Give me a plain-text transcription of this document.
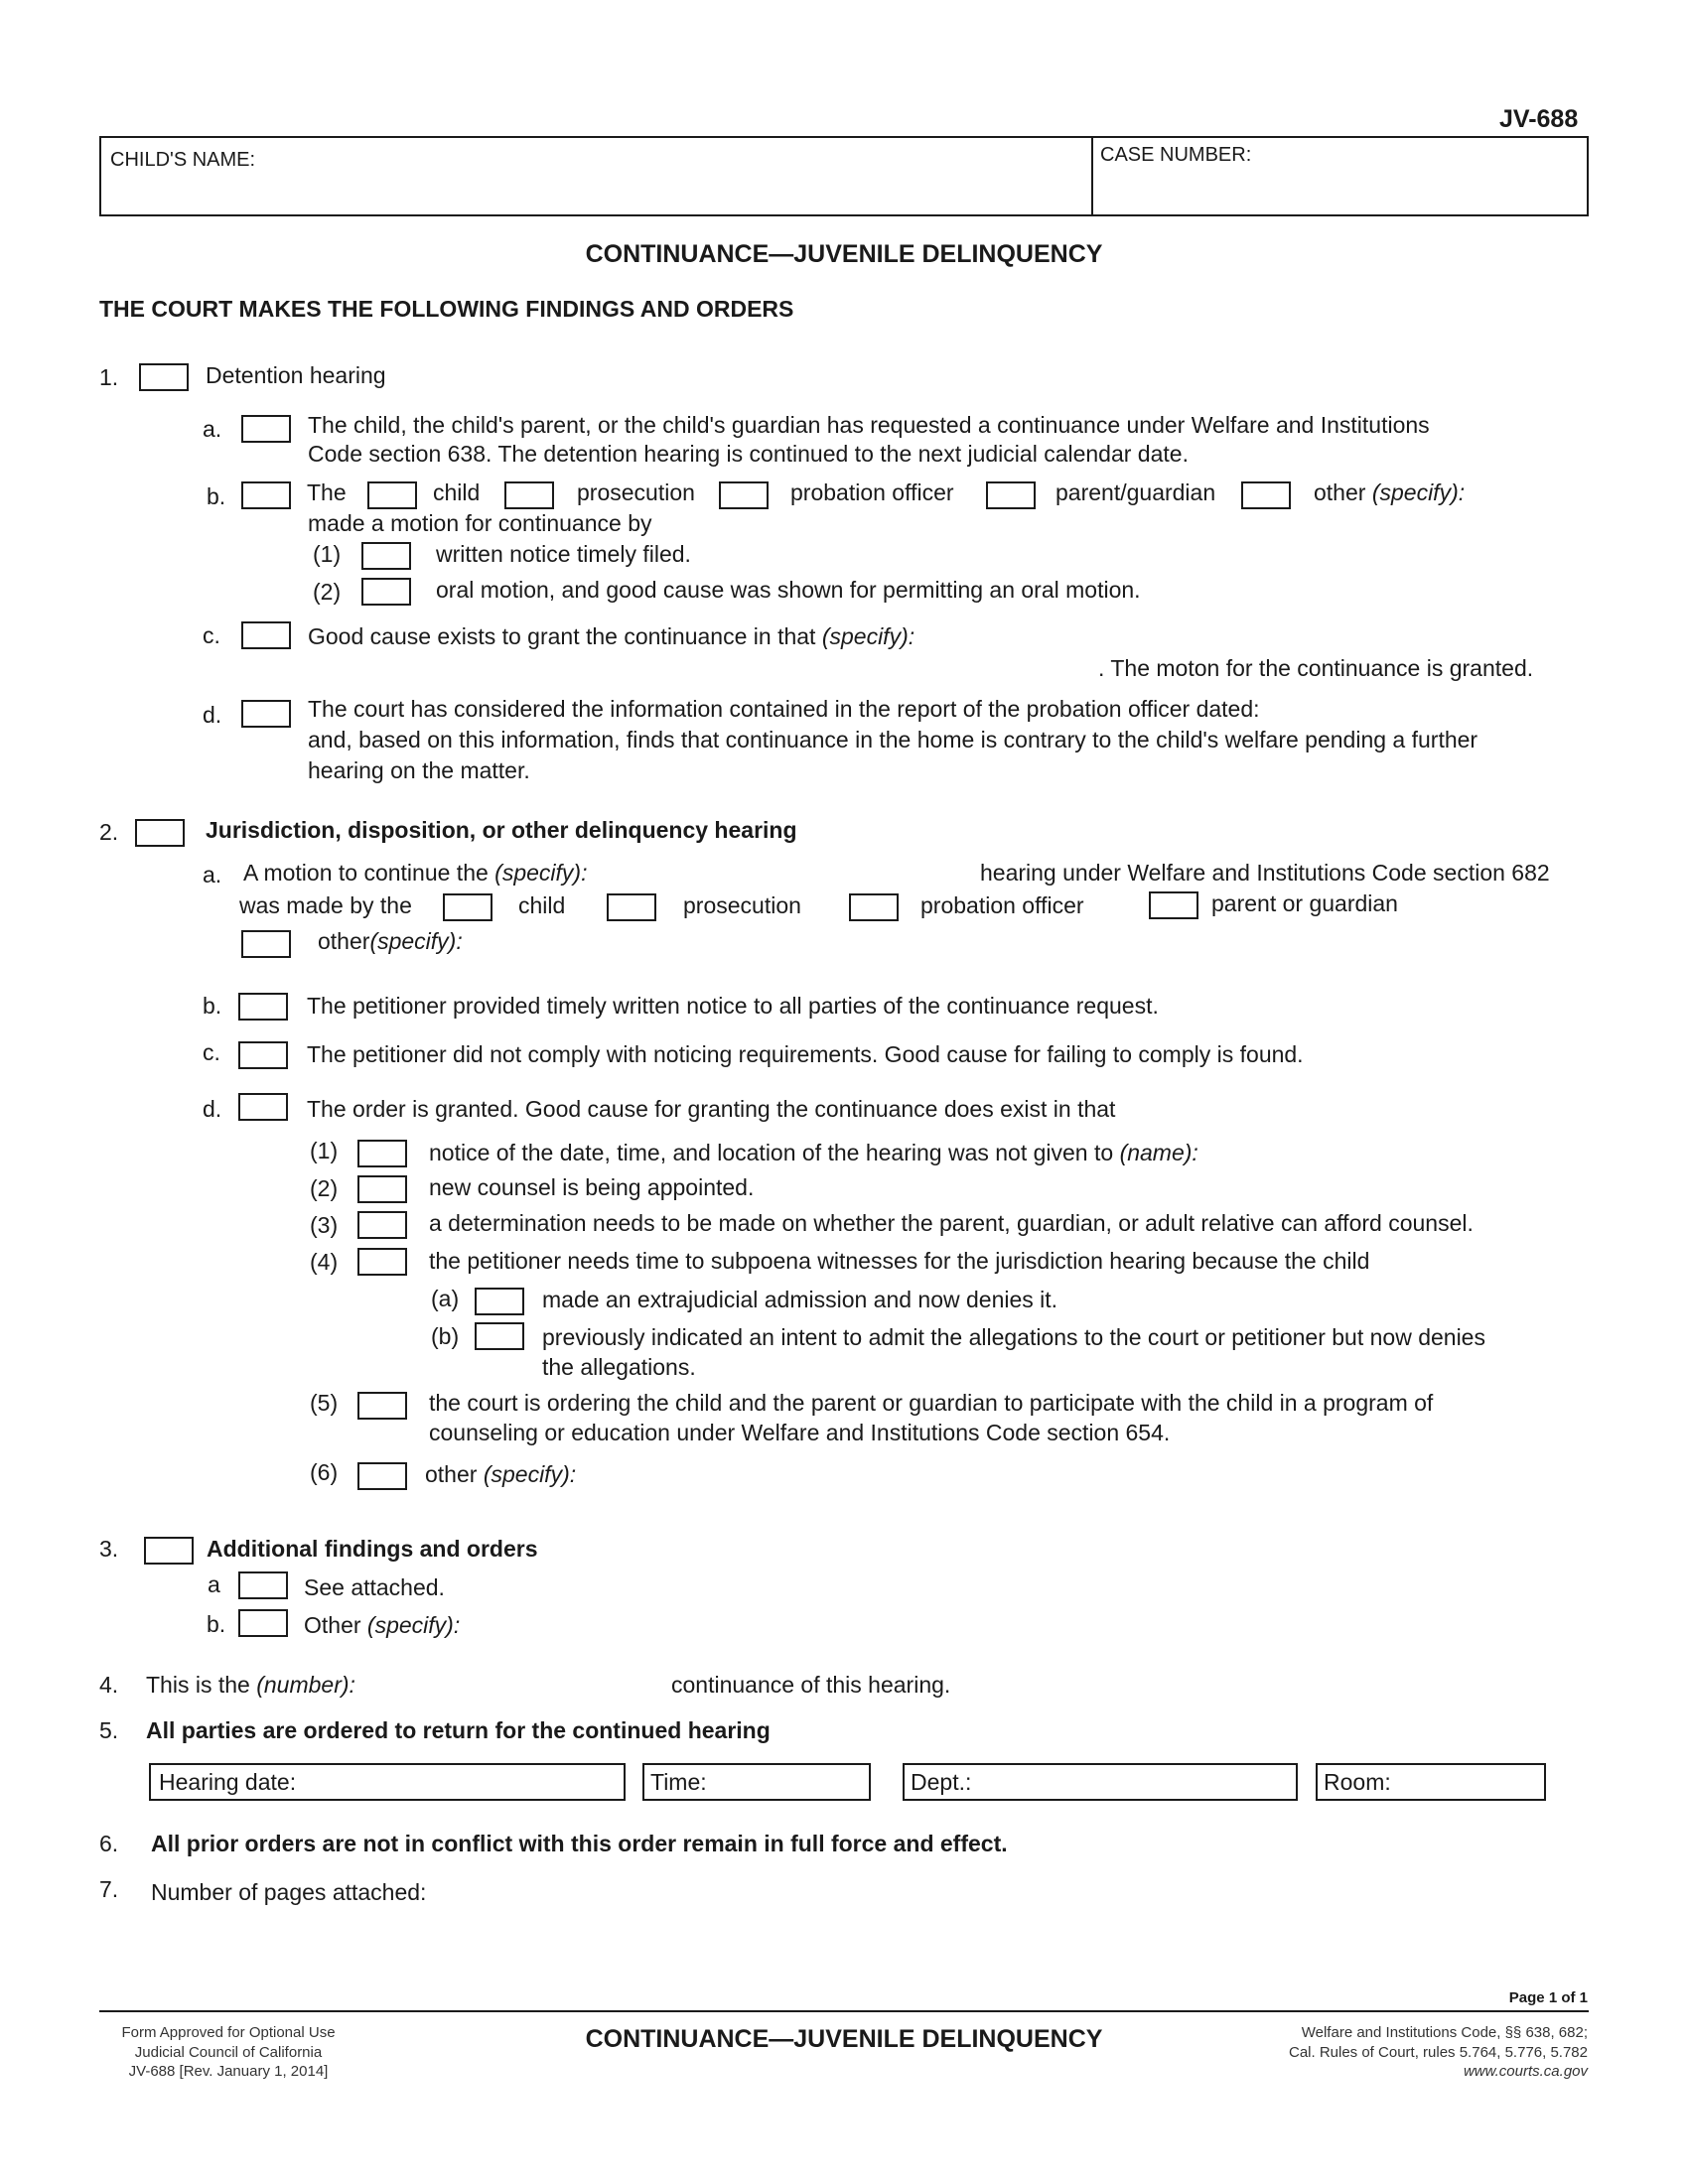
JV-688
CHILD'S NAME:	CASE NUMBER:
CONTINUANCE—JUVENILE DELINQUENCY
THE COURT MAKES THE FOLLOWING FINDINGS AND ORDERS
1.	Detention hearing
a.	The child, the child's parent, or the child's guardian has requested a continuance under Welfare and Institutions
Code section 638. The detention hearing is continued to the next judicial calendar date.
b.	The	child	prosecution	probation officer	parent/guardian	other (specify):
made a motion for continuance by
(1)	written notice timely filed.
(2)	oral motion, and good cause was shown for permitting an oral motion.
c.	Good cause exists to grant the continuance in that (specify):
. The moton for the continuance is granted.
d.	The court has considered the information contained in the report of the probation officer dated:
and, based on this information, finds that continuance in the home is contrary to the child's welfare pending a further
hearing on the matter.
2.	Jurisdiction, disposition, or other delinquency hearing
a. A motion to continue the (specify):	hearing under Welfare and Institutions Code section 682
was made by the	child	prosecution	probation officer	parent or guardian
other(specify):
b.	The petitioner provided timely written notice to all parties of the continuance request.
c.	The petitioner did not comply with noticing requirements. Good cause for failing to comply is found.
d.	The order is granted. Good cause for granting the continuance does exist in that
(1)	notice of the date, time, and location of the hearing was not given to (name):
(2)	new counsel is being appointed.
(3)	a determination needs to be made on whether the parent, guardian, or adult relative can afford counsel.
(4)	the petitioner needs time to subpoena witnesses for the jurisdiction hearing because the child
(a)	made an extrajudicial admission and now denies it.
(b)	previously indicated an intent to admit the allegations to the court or petitioner but now denies
the allegations.
(5)	the court is ordering the child and the parent or guardian to participate with the child in a program of
counseling or education under Welfare and Institutions Code section 654.
(6)	other (specify):
3.	Additional findings and orders
a	See attached.
b.	Other (specify):
4. This is the (number):	continuance of this hearing.
5. All parties are ordered to return for the continued hearing
Hearing date:	Time:	Dept.:	Room:
6. All prior orders are not in conflict with this order remain in full force and effect.
7. Number of pages attached:
Page 1 of 1
Form Approved for Optional Use
Judicial Council of California
JV-688 [Rev. January 1, 2014]
CONTINUANCE—JUVENILE DELINQUENCY	Welfare and Institutions Code, §§ 638, 682;
Cal. Rules of Court, rules 5.764, 5.776, 5.782
www.courts.ca.gov
